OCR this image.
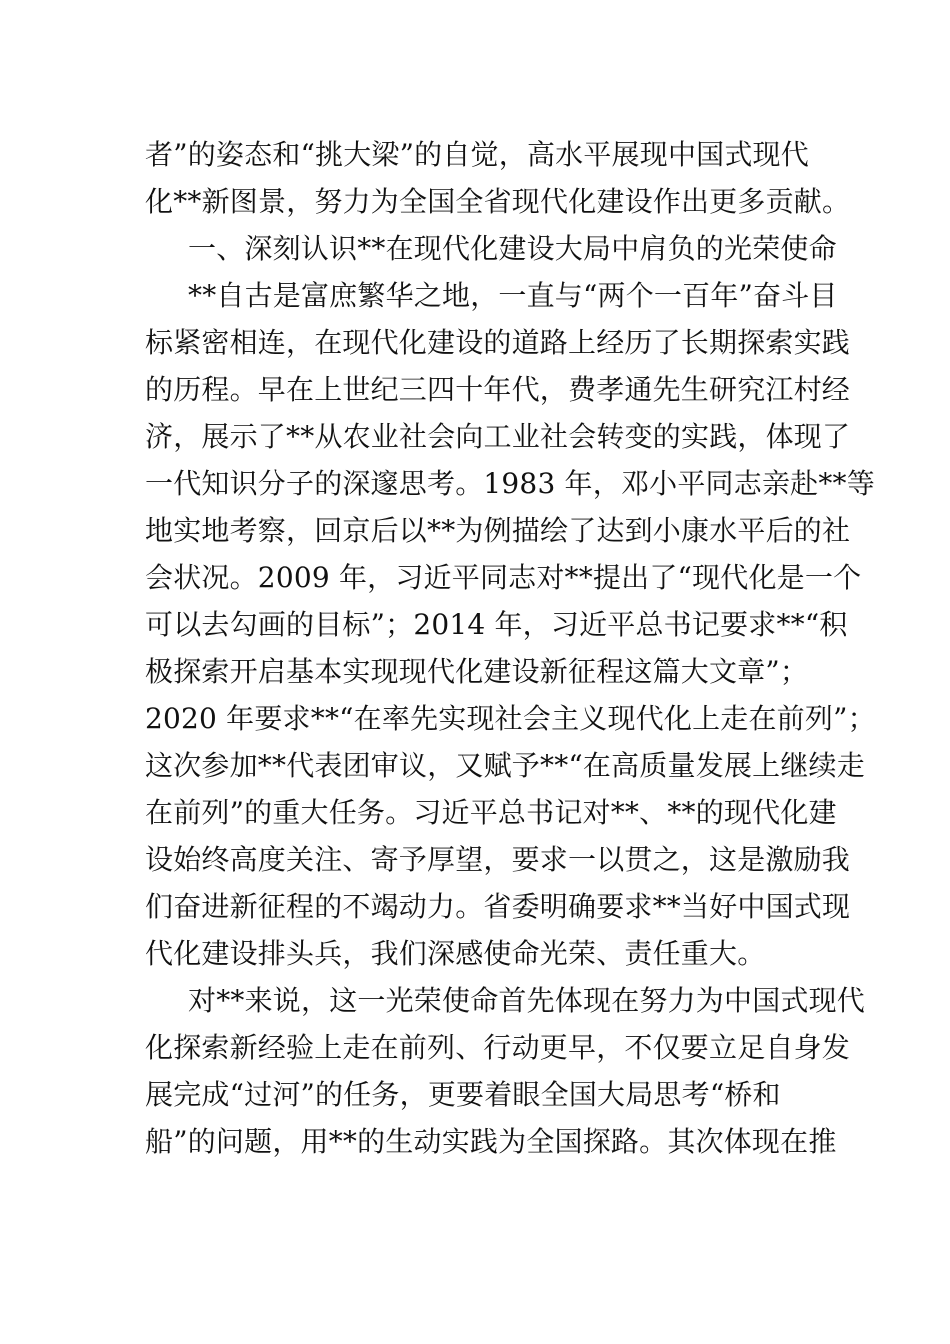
者”的姿态和“挑大梁”的自觉，高水平展现中国式现代
化**新图景，努力为全国全省现代化建设作出更多贡献。
一、深刻认识**在现代化建设大局中肩负的光荣使命
**自古是富庶繁华之地，一直与“两个一百年”奋斗目
标紧密相连，在现代化建设的道路上经历了长期探索实践
的历程。早在上世纪三四十年代，费孝通先生研究江村经
济，展示了**从农业社会向工业社会转变的实践，体现了
一代知识分子的深邃思考。1983 年，邓小平同志亲赴**等
地实地考察，回京后以**为例描绘了达到小康水平后的社
会状况。2009 年，习近平同志对**提出了“现代化是一个
可以去勾画的目标”；2014 年，习近平总书记要求**“积
极探索开启基本实现现代化建设新征程这篇大文章”；
2020 年要求**“在率先实现社会主义现代化上走在前列”；
这次参加**代表团审议，又赋予**“在高质量发展上继续走
在前列”的重大任务。习近平总书记对**、**的现代化建
设始终高度关注、寄予厚望，要求一以贯之，这是激励我
们奋进新征程的不竭动力。省委明确要求**当好中国式现
代化建设排头兵，我们深感使命光荣、责任重大。
对**来说，这一光荣使命首先体现在努力为中国式现代
化探索新经验上走在前列、行动更早，不仅要立足自身发
展完成“过河”的任务，更要着眼全国大局思考“桥和
船”的问题，用**的生动实践为全国探路。其次体现在推
